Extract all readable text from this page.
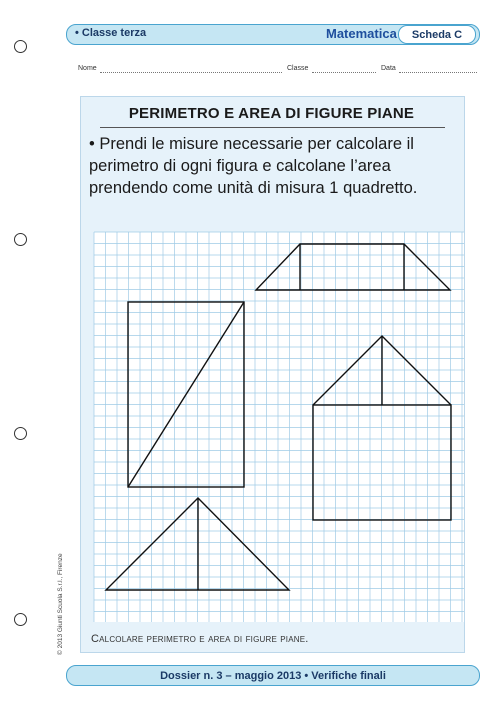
• Classe terza	Matematica	Scheda C
Nome	Classe	Data
PERIMETRO E AREA DI FIGURE PIANE
• Prendi le misure necessarie per calcolare il perimetro di ogni figura e calcolane l’area prendendo come unità di misura 1 quadretto.
Calcolare perimetro e area di figure piane.
© 2013 Giunti Scuola S.r.l., Firenze
Dossier n. 3 – maggio 2013 • Verifiche finali
